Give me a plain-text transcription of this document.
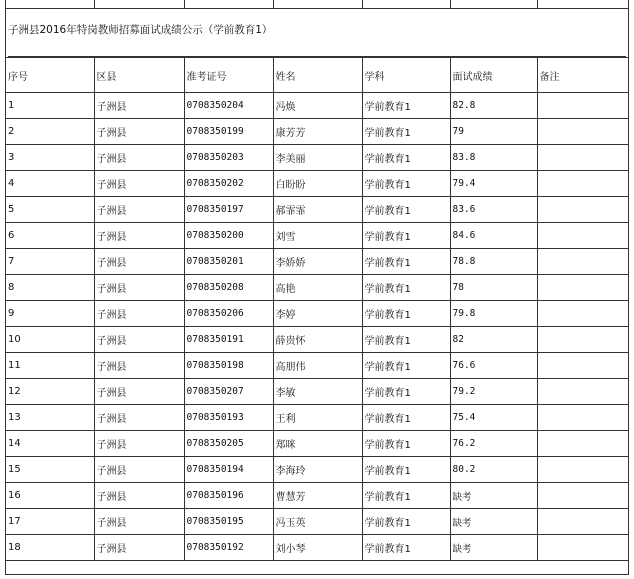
子洲县2016年特岗教师招募面试成绩公示（学前教育1）
序号	区县	准考证号	姓名	学科	面试成绩	备注
1	子洲县	0708350204	冯焕	学前教育1	82.8	
2	子洲县	0708350199	康芳芳	学前教育1	79	
3	子洲县	0708350203	李美丽	学前教育1	83.8	
4	子洲县	0708350202	白盼盼	学前教育1	79.4	
5	子洲县	0708350197	郝霏霏	学前教育1	83.6	
6	子洲县	0708350200	刘雪	学前教育1	84.6	
7	子洲县	0708350201	李娇娇	学前教育1	78.8	
8	子洲县	0708350208	高艳	学前教育1	78	
9	子洲县	0708350206	李婷	学前教育1	79.8	
10	子洲县	0708350191	薛贵怀	学前教育1	82	
11	子洲县	0708350198	高朋伟	学前教育1	76.6	
12	子洲县	0708350207	李敏	学前教育1	79.2	
13	子洲县	0708350193	王利	学前教育1	75.4	
14	子洲县	0708350205	郑咪	学前教育1	76.2	
15	子洲县	0708350194	李海玲	学前教育1	80.2	
16	子洲县	0708350196	曹慧芳	学前教育1	缺考	
17	子洲县	0708350195	冯玉英	学前教育1	缺考	
18	子洲县	0708350192	刘小琴	学前教育1	缺考	
